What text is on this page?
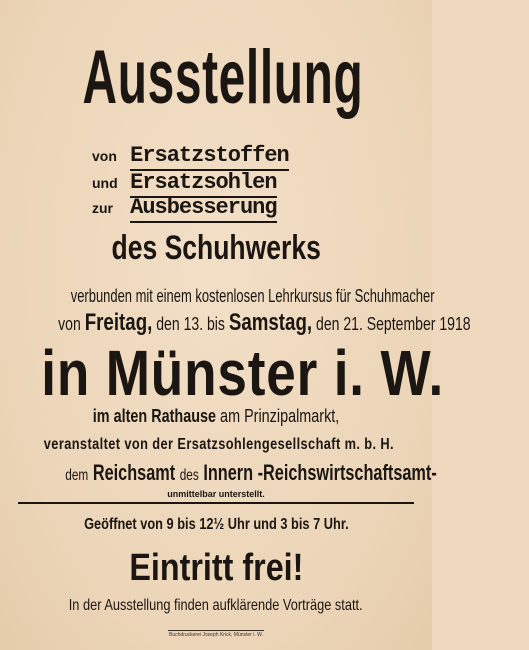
Ausstellung
von Ersatzstoffen
und Ersatzsohlen
zur Ausbesserung
des Schuhwerks
verbunden mit einem kostenlosen Lehrkursus für Schuhmacher
von Freitag, den 13. bis Samstag, den 21. September 1918
in Münster i. W.
im alten Rathause am Prinzipalmarkt,
veranstaltet von der Ersatzsohlengesellschaft m. b. H.
dem Reichsamt des Innern -Reichswirtschaftsamt-
unmittelbar unterstellt.
Geöffnet von 9 bis 12½ Uhr und 3 bis 7 Uhr.
Eintritt frei!
In der Ausstellung finden aufklärende Vorträge statt.
Buchdruckerei Joseph Krick, Münster i. W.
